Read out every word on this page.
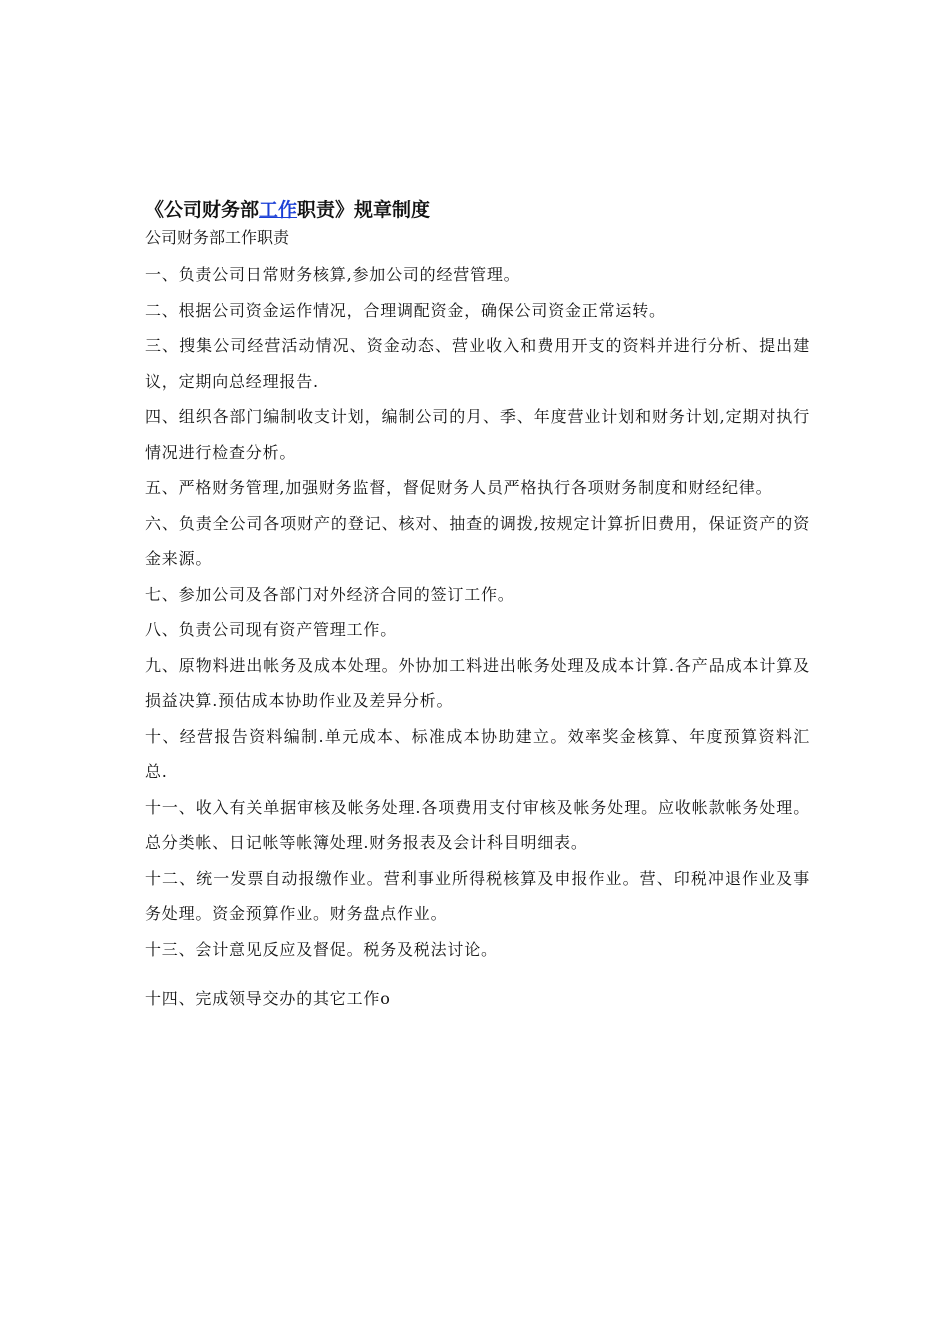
《公司财务部工作职责》规章制度

公司财务部工作职责

一、负责公司日常财务核算,参加公司的经营管理。

二、根据公司资金运作情况，合理调配资金，确保公司资金正常运转。

三、搜集公司经营活动情况、资金动态、营业收入和费用开支的资料并进行分析、提出建议，定期向总经理报告.

四、组织各部门编制收支计划，编制公司的月、季、年度营业计划和财务计划,定期对执行情况进行检查分析。

五、严格财务管理,加强财务监督，督促财务人员严格执行各项财务制度和财经纪律。

六、负责全公司各项财产的登记、核对、抽查的调拨,按规定计算折旧费用，保证资产的资金来源。

七、参加公司及各部门对外经济合同的签订工作。

八、负责公司现有资产管理工作。

九、原物料进出帐务及成本处理。外协加工料进出帐务处理及成本计算.各产品成本计算及损益决算.预估成本协助作业及差异分析。

十、经营报告资料编制.单元成本、标准成本协助建立。效率奖金核算、年度预算资料汇总.

十一、收入有关单据审核及帐务处理.各项费用支付审核及帐务处理。应收帐款帐务处理。总分类帐、日记帐等帐簿处理.财务报表及会计科目明细表。

十二、统一发票自动报缴作业。营利事业所得税核算及申报作业。营、印税冲退作业及事务处理。资金预算作业。财务盘点作业。

十三、会计意见反应及督促。税务及税法讨论。

十四、完成领导交办的其它工作o
